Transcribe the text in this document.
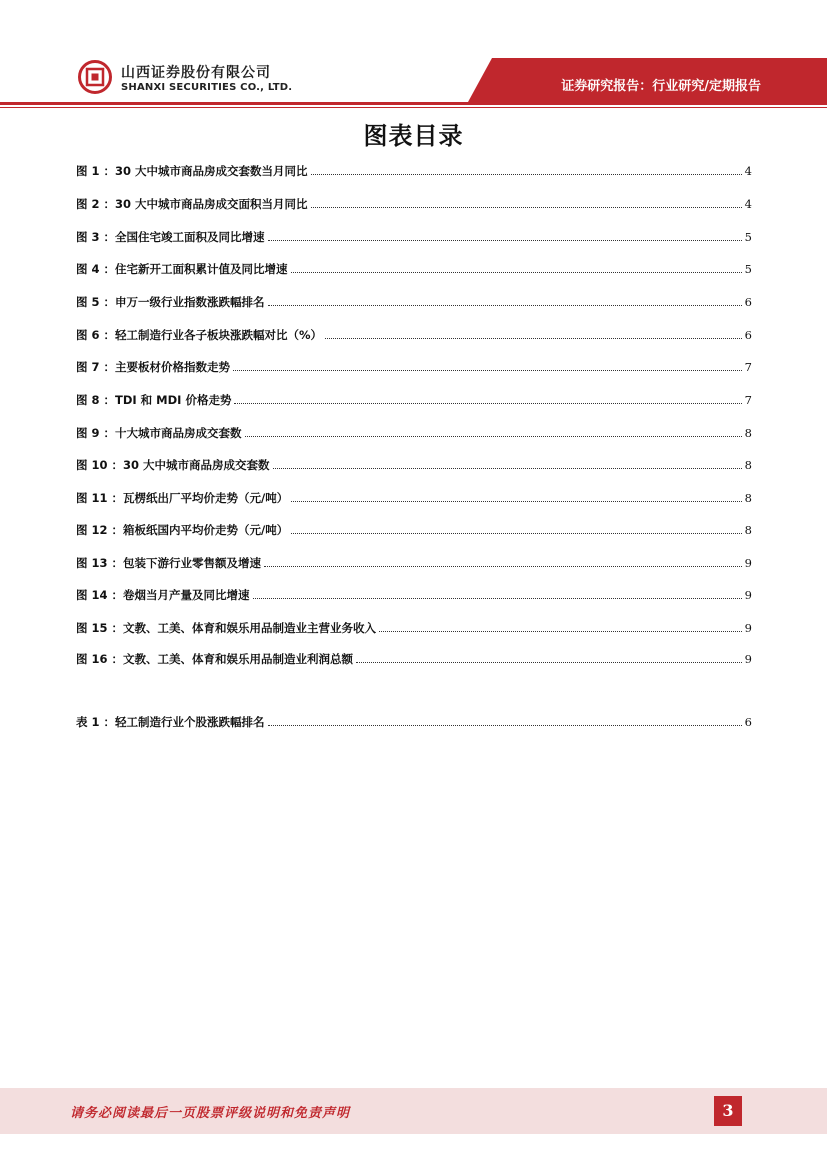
山西证券股份有限公司
SHANXI SECURITIES CO., LTD.	证券研究报告：行业研究/定期报告
图表目录
图 1 ：30 大中城市商品房成交套数当月同比	4
图 2 ：30 大中城市商品房成交面积当月同比	4
图 3 ：全国住宅竣工面积及同比增速	5
图 4 ：住宅新开工面积累计值及同比增速	5
图 5 ：申万一级行业指数涨跌幅排名	6
图 6 ：轻工制造行业各子板块涨跌幅对比（%）	6
图 7 ：主要板材价格指数走势	7
图 8 ：TDI 和 MDI 价格走势	7
图 9 ：十大城市商品房成交套数	8
图 10 ：30 大中城市商品房成交套数	8
图 11 ：瓦楞纸出厂平均价走势（元/吨）	8
图 12 ：箱板纸国内平均价走势（元/吨）	8
图 13 ：包装下游行业零售额及增速	9
图 14 ：卷烟当月产量及同比增速	9
图 15 ：文教、工美、体育和娱乐用品制造业主营业务收入	9
图 16 ：文教、工美、体育和娱乐用品制造业利润总额	9
表 1 ：轻工制造行业个股涨跌幅排名	6
请务必阅读最后一页股票评级说明和免责声明	3
